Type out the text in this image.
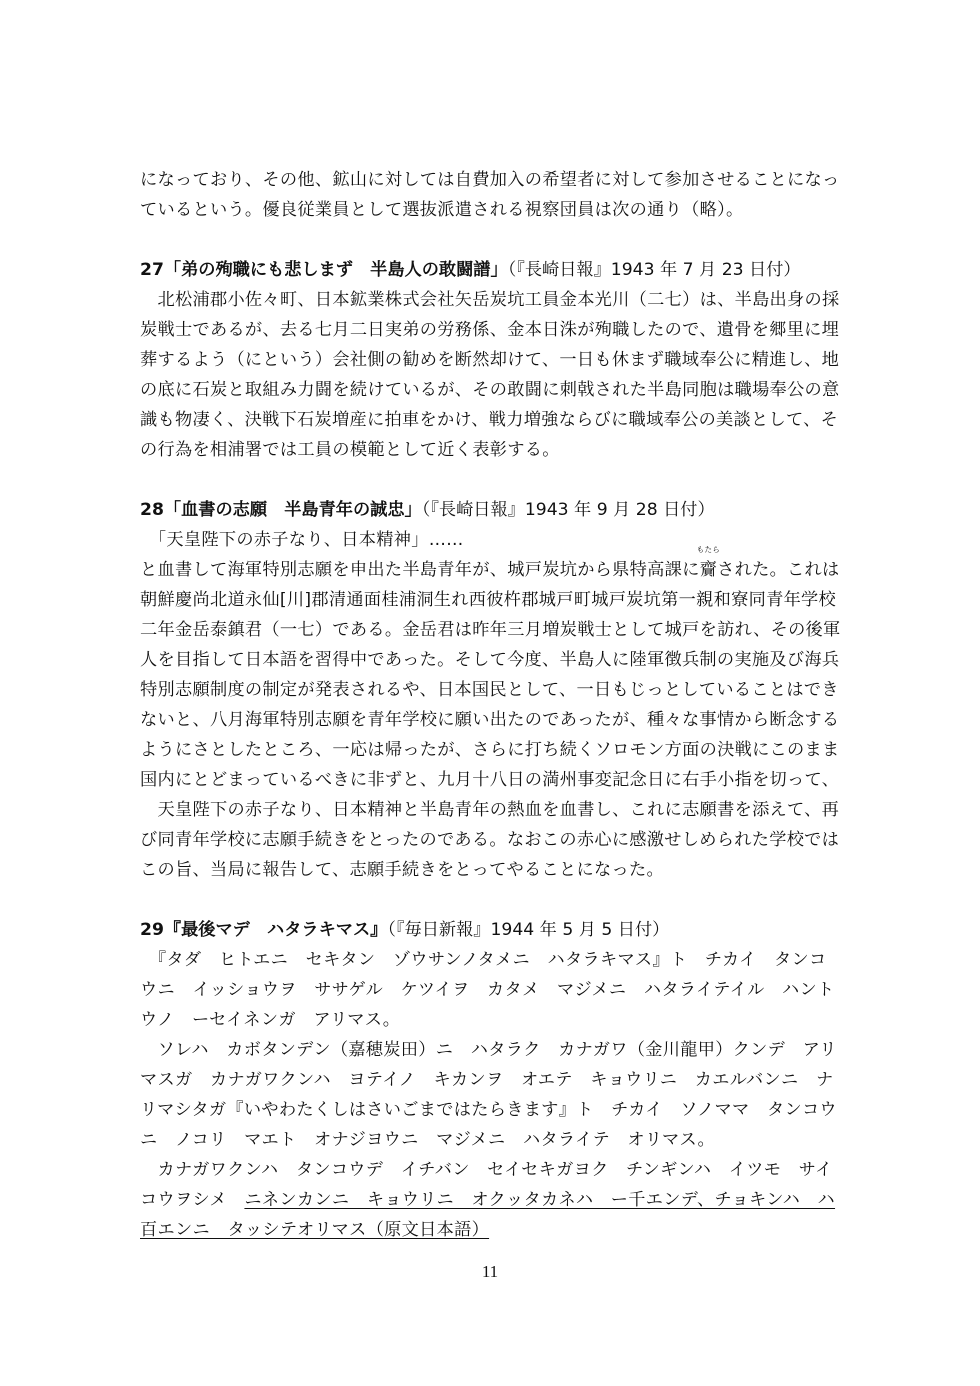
になっており、その他、鉱山に対しては自費加入の希望者に対して参加させることになっ
ているという。優良従業員として選抜派遣される視察団員は次の通り（略）。
27「弟の殉職にも悲しまず　半島人の敢闘譜」（『長崎日報』1943 年 7 月 23 日付）
　北松浦郡小佐々町、日本鉱業株式会社矢岳炭坑工員金本光川（二七）は、半島出身の採
炭戦士であるが、去る七月二日実弟の労務係、金本日洙が殉職したので、遺骨を郷里に埋
葬するよう（にという）会社側の勧めを断然却けて、一日も休まず職域奉公に精進し、地
の底に石炭と取組み力闘を続けているが、その敢闘に刺戟された半島同胞は職場奉公の意
識も物凄く、決戦下石炭増産に拍車をかけ、戦力増強ならびに職域奉公の美談として、そ
の行為を相浦署では工員の模範として近く表彰する。
28「血書の志願　半島青年の誠忠」（『長崎日報』1943 年 9 月 28 日付）
　「天皇陛下の赤子なり、日本精神」……
と血書して海軍特別志願を申出た半島青年が、城戸炭坑から県特高課に
もたら
齎された。これは
朝鮮慶尚北道永仙[川]郡清通面桂浦洞生れ西彼杵郡城戸町城戸炭坑第一親和寮同青年学校
二年金岳泰鎮君（一七）である。金岳君は昨年三月増炭戦士として城戸を訪れ、その後軍
人を目指して日本語を習得中であった。そして今度、半島人に陸軍徴兵制の実施及び海兵
特別志願制度の制定が発表されるや、日本国民として、一日もじっとしていることはでき
ないと、八月海軍特別志願を青年学校に願い出たのであったが、種々な事情から断念する
ようにさとしたところ、一応は帰ったが、さらに打ち続くソロモン方面の決戦にこのまま
国内にとどまっているべきに非ずと、九月十八日の満州事変記念日に右手小指を切って、
　天皇陛下の赤子なり、日本精神と半島青年の熱血を血書し、これに志願書を添えて、再
び同青年学校に志願手続きをとったのである。なおこの赤心に感激せしめられた学校では
この旨、当局に報告して、志願手続きをとってやることになった。
29『最後マデ　ハタラキマス』（『毎日新報』1944 年 5 月 5 日付）
　『タダ　ヒトエニ　セキタン　ゾウサンノタメニ　ハタラキマス』ト　チカイ　タンコ
ウニ　イッショウヲ　ササゲル　ケツイヲ　カタメ　マジメニ　ハタライテイル　ハント
ウノ　ーセイネンガ　アリマス。
　ソレハ　カボタンデン（嘉穂炭田）ニ　ハタラク　カナガワ（金川龍甲）クンデ　アリ
マスガ　カナガワクンハ　ヨテイノ　キカンヲ　オエテ　キョウリニ　カエルバンニ　ナ
リマシタガ『いやわたくしはさいごまではたらきます』ト　チカイ　ソノママ　タンコウ
ニ　ノコリ　マエト　オナジヨウニ　マジメニ　ハタライテ　オリマス。
　カナガワクンハ　タンコウデ　イチバン　セイセキガヨク　チンギンハ　イツモ　サイ
コウヲシメ　ニネンカンニ　キョウリニ　オクッタカネハ　ー千エンデ、チョキンハ　ハ
百エンニ　タッシテオリマス（原文日本語）
11
